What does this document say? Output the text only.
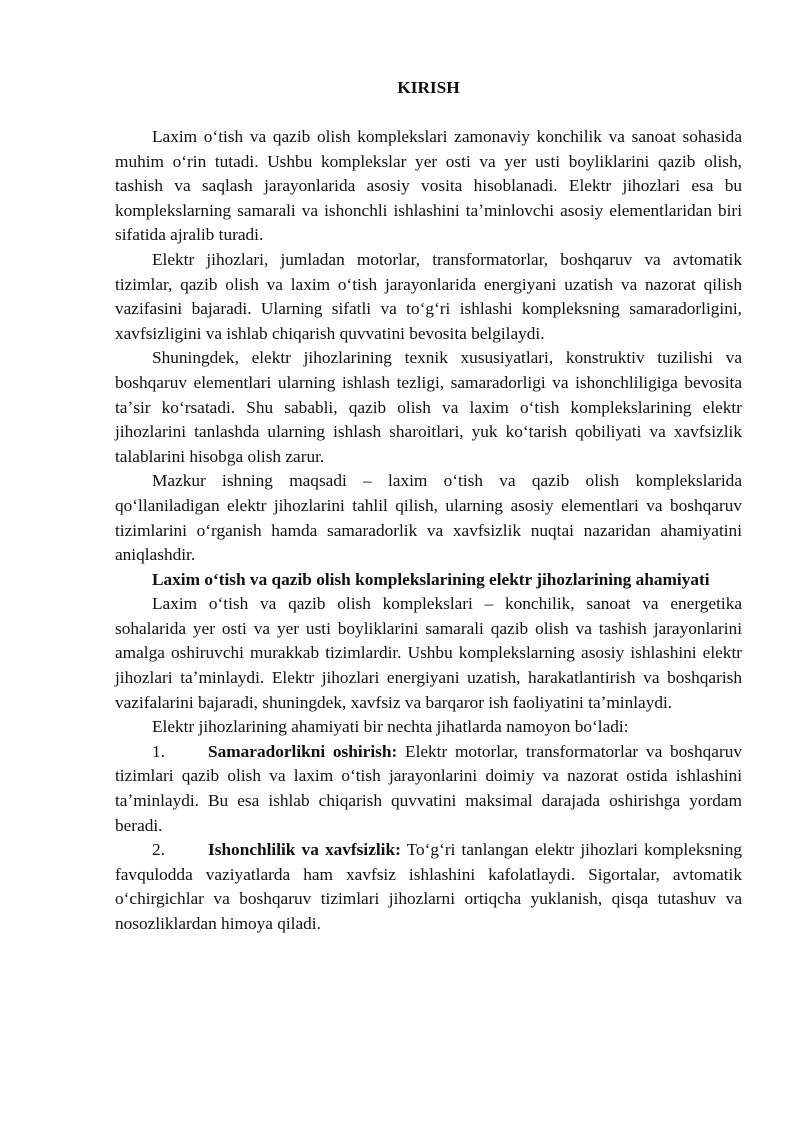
KIRISH

Laxim oʻtish va qazib olish komplekslari zamonaviy konchilik va sanoat sohasida muhim oʻrin tutadi. Ushbu komplekslar yer osti va yer usti boyliklarini qazib olish, tashish va saqlash jarayonlarida asosiy vosita hisoblanadi. Elektr jihozlari esa bu komplekslarning samarali va ishonchli ishlashini taʼminlovchi asosiy elementlaridan biri sifatida ajralib turadi.

Elektr jihozlari, jumladan motorlar, transformatorlar, boshqaruv va avtomatik tizimlar, qazib olish va laxim oʻtish jarayonlarida energiyani uzatish va nazorat qilish vazifasini bajaradi. Ularning sifatli va toʻgʻri ishlashi kompleksning samaradorligini, xavfsizligini va ishlab chiqarish quvvatini bevosita belgilaydi.

Shuningdek, elektr jihozlarining texnik xususiyatlari, konstruktiv tuzilishi va boshqaruv elementlari ularning ishlash tezligi, samaradorligi va ishonchliligiga bevosita taʼsir koʻrsatadi. Shu sababli, qazib olish va laxim oʻtish komplekslarining elektr jihozlarini tanlashda ularning ishlash sharoitlari, yuk koʻtarish qobiliyati va xavfsizlik talablarini hisobga olish zarur.

Mazkur ishning maqsadi – laxim oʻtish va qazib olish komplekslarida qoʻllaniladigan elektr jihozlarini tahlil qilish, ularning asosiy elementlari va boshqaruv tizimlarini oʻrganish hamda samaradorlik va xavfsizlik nuqtai nazaridan ahamiyatini aniqlashdir.

Laxim oʻtish va qazib olish komplekslarining elektr jihozlarining ahamiyati

Laxim oʻtish va qazib olish komplekslari – konchilik, sanoat va energetika sohalarida yer osti va yer usti boyliklarini samarali qazib olish va tashish jarayonlarini amalga oshiruvchi murakkab tizimlardir. Ushbu komplekslarning asosiy ishlashini elektr jihozlari taʼminlaydi. Elektr jihozlari energiyani uzatish, harakatlantirish va boshqarish vazifalarini bajaradi, shuningdek, xavfsiz va barqaror ish faoliyatini taʼminlaydi.

Elektr jihozlarining ahamiyati bir nechta jihatlarda namoyon boʻladi:

1. Samaradorlikni oshirish: Elektr motorlar, transformatorlar va boshqaruv tizimlari qazib olish va laxim oʻtish jarayonlarini doimiy va nazorat ostida ishlashini taʼminlaydi. Bu esa ishlab chiqarish quvvatini maksimal darajada oshirishga yordam beradi.

2. Ishonchlilik va xavfsizlik: Toʻgʻri tanlangan elektr jihozlari kompleksning favqulodda vaziyatlarda ham xavfsiz ishlashini kafolatlaydi. Sigortalar, avtomatik oʻchirgichlar va boshqaruv tizimlari jihozlarni ortiqcha yuklanish, qisqa tutashuv va nosozliklardan himoya qiladi.
